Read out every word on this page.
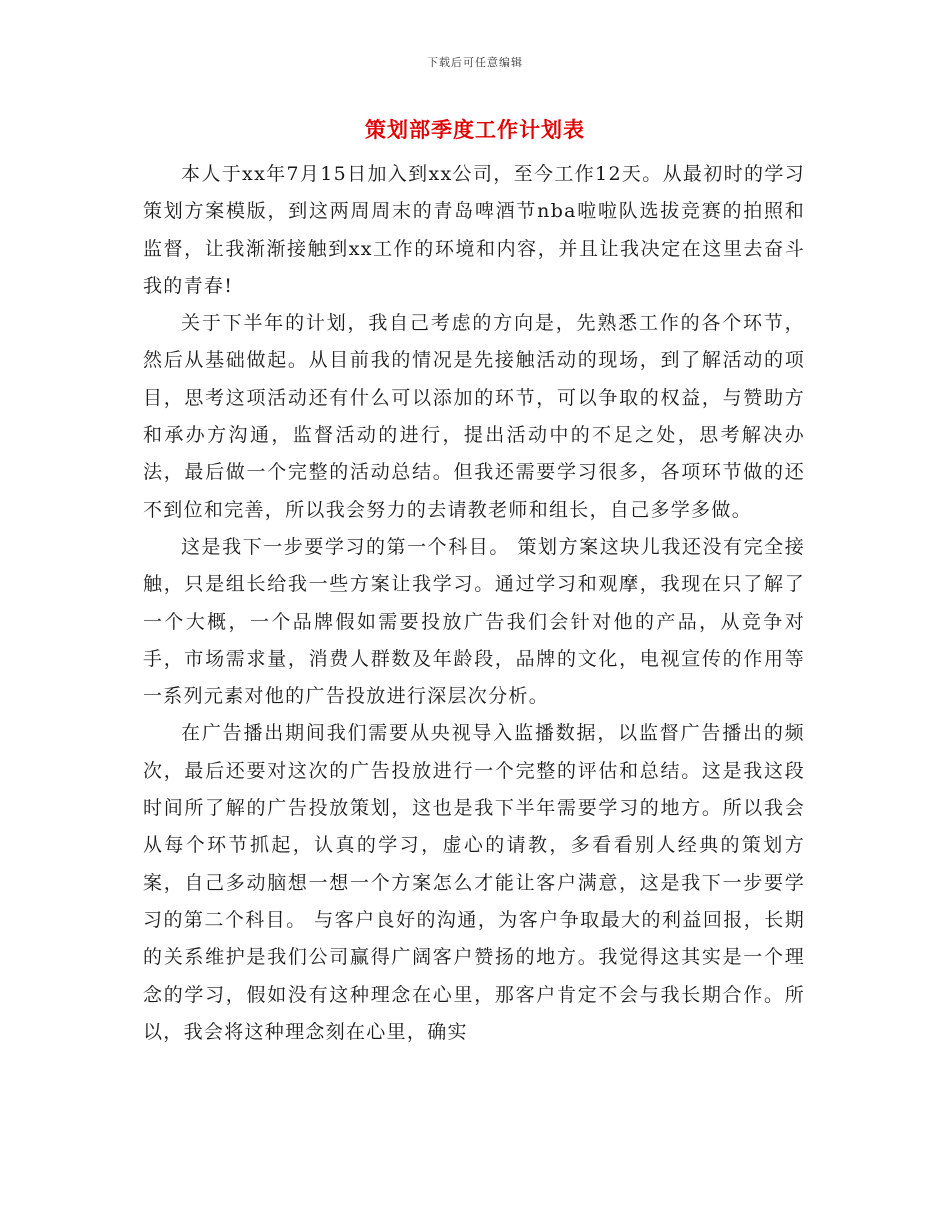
下载后可任意编辑
策划部季度工作计划表

本人于xx年7月15日加入到xx公司，至今工作12天。从最初时的学习策划方案模版，到这两周周末的青岛啤酒节nba啦啦队选拔竞赛的拍照和监督，让我渐渐接触到xx工作的环境和内容，并且让我决定在这里去奋斗我的青春!

关于下半年的计划，我自己考虑的方向是，先熟悉工作的各个环节，然后从基础做起。从目前我的情况是先接触活动的现场，到了解活动的项目，思考这项活动还有什么可以添加的环节，可以争取的权益，与赞助方和承办方沟通，监督活动的进行，提出活动中的不足之处，思考解决办法，最后做一个完整的活动总结。但我还需要学习很多，各项环节做的还不到位和完善，所以我会努力的去请教老师和组长，自己多学多做。

这是我下一步要学习的第一个科目。 策划方案这块儿我还没有完全接触，只是组长给我一些方案让我学习。通过学习和观摩，我现在只了解了一个大概，一个品牌假如需要投放广告我们会针对他的产品，从竞争对手，市场需求量，消费人群数及年龄段，品牌的文化，电视宣传的作用等一系列元素对他的广告投放进行深层次分析。

在广告播出期间我们需要从央视导入监播数据，以监督广告播出的频次，最后还要对这次的广告投放进行一个完整的评估和总结。这是我这段时间所了解的广告投放策划，这也是我下半年需要学习的地方。所以我会从每个环节抓起，认真的学习，虚心的请教，多看看别人经典的策划方案，自己多动脑想一想一个方案怎么才能让客户满意，这是我下一步要学习的第二个科目。 与客户良好的沟通，为客户争取最大的利益回报，长期的关系维护是我们公司赢得广阔客户赞扬的地方。我觉得这其实是一个理念的学习，假如没有这种理念在心里，那客户肯定不会与我长期合作。所以，我会将这种理念刻在心里，确实
